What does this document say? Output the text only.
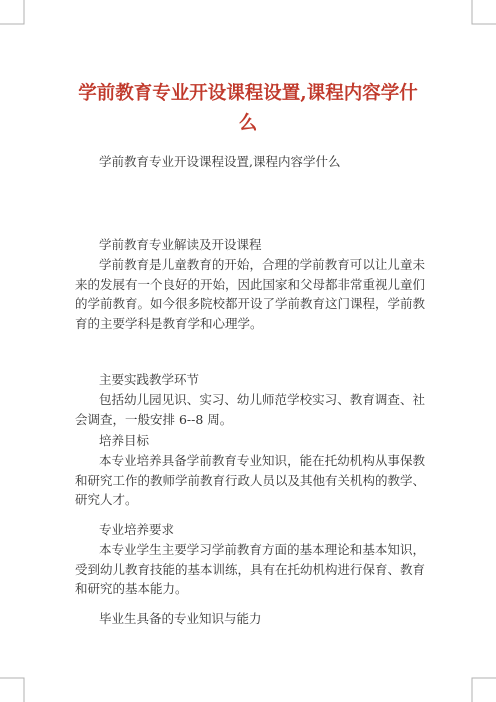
学前教育专业开设课程设置,课程内容学什么
学前教育专业开设课程设置,课程内容学什么
学前教育专业解读及开设课程
学前教育是儿童教育的开始，合理的学前教育可以让儿童未来的发展有一个良好的开始，因此国家和父母都非常重视儿童们的学前教育。如今很多院校都开设了学前教育这门课程，学前教育的主要学科是教育学和心理学。
主要实践教学环节
包括幼儿园见识、实习、幼儿师范学校实习、教育调查、社会调查，一般安排 6--8 周。
培养目标
本专业培养具备学前教育专业知识，能在托幼机构从事保教和研究工作的教师学前教育行政人员以及其他有关机构的教学、研究人才。
专业培养要求
本专业学生主要学习学前教育方面的基本理论和基本知识，受到幼儿教育技能的基本训练，具有在托幼机构进行保育、教育和研究的基本能力。
毕业生具备的专业知识与能力
